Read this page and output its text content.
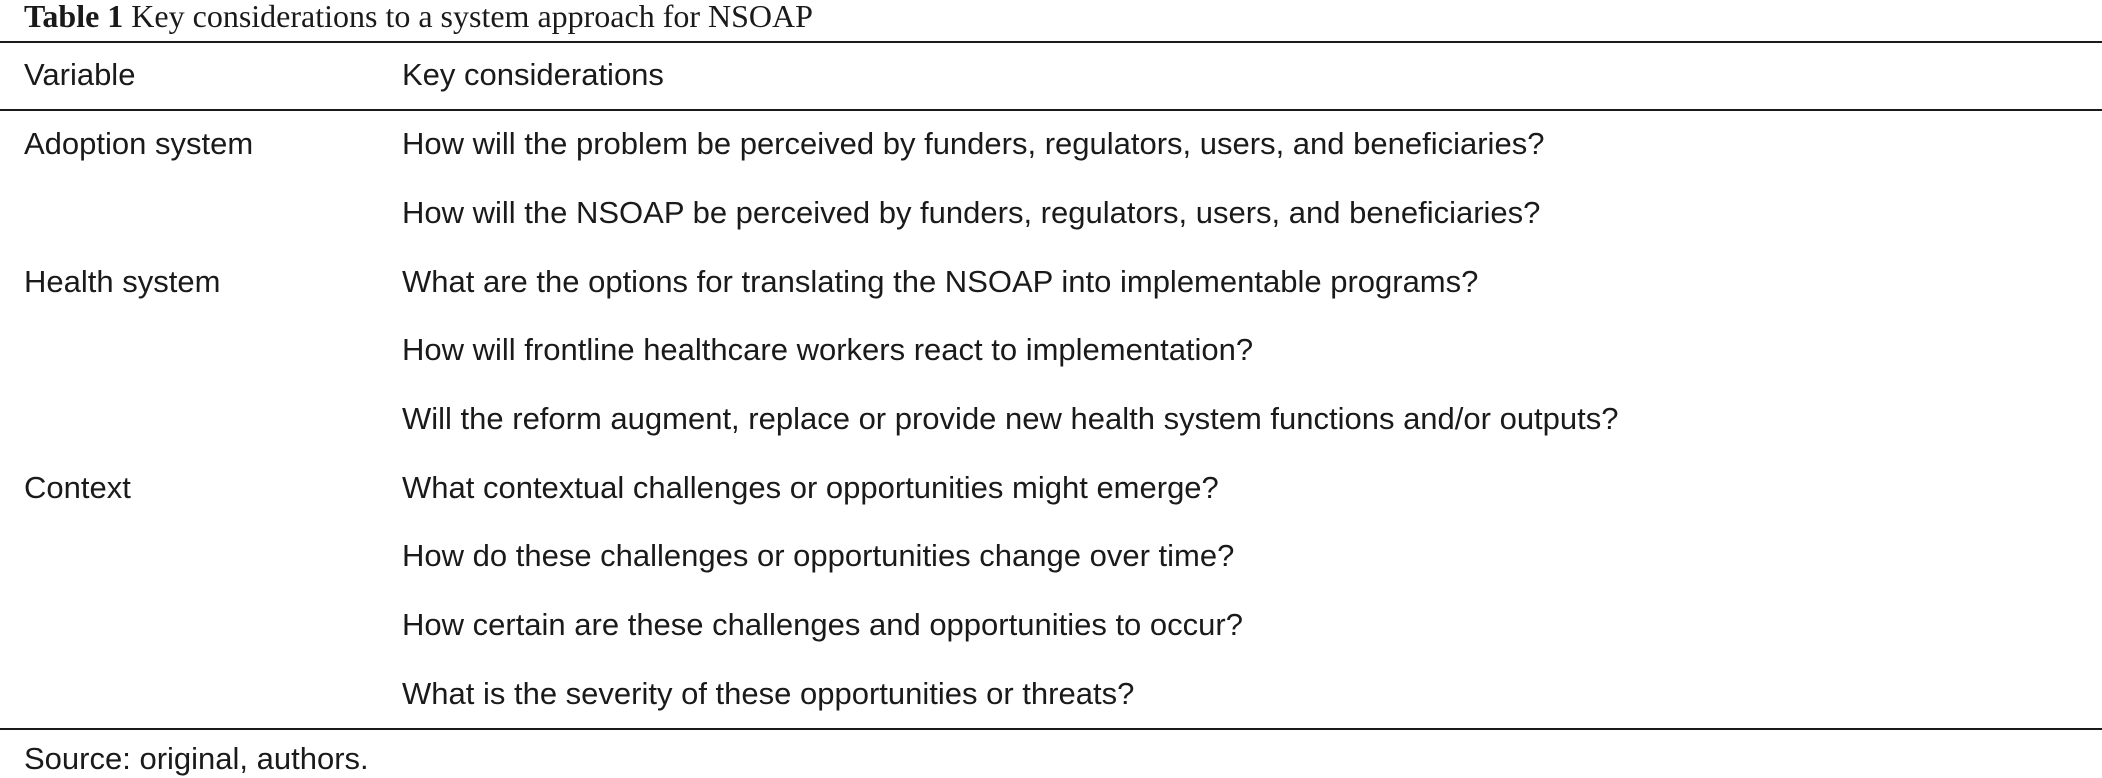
Table 1 Key considerations to a system approach for NSOAP
Variable	Key considerations
Adoption system	How will the problem be perceived by funders, regulators, users, and beneficiaries?
How will the NSOAP be perceived by funders, regulators, users, and beneficiaries?
Health system	What are the options for translating the NSOAP into implementable programs?
How will frontline healthcare workers react to implementation?
Will the reform augment, replace or provide new health system functions and/or outputs?
Context	What contextual challenges or opportunities might emerge?
How do these challenges or opportunities change over time?
How certain are these challenges and opportunities to occur?
What is the severity of these opportunities or threats?
Source: original, authors.
